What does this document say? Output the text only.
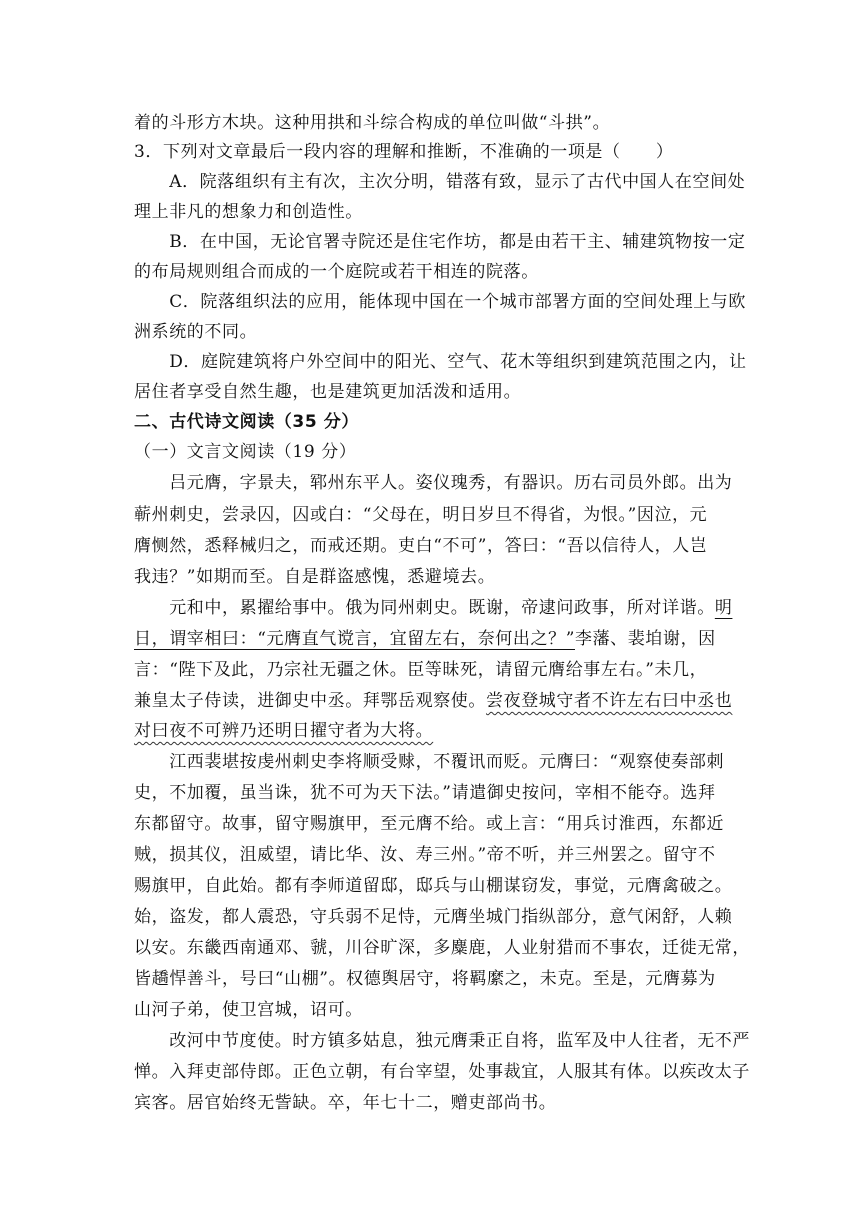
着的斗形方木块。这种用拱和斗综合构成的单位叫做“斗拱”。
3．下列对文章最后一段内容的理解和推断，不准确的一项是（　　）
　　A．院落组织有主有次，主次分明，错落有致，显示了古代中国人在空间处
理上非凡的想象力和创造性。
　　B．在中国，无论官署寺院还是住宅作坊，都是由若干主、辅建筑物按一定
的布局规则组合而成的一个庭院或若干相连的院落。
　　C．院落组织法的应用，能体现中国在一个城市部署方面的空间处理上与欧
洲系统的不同。
　　D．庭院建筑将户外空间中的阳光、空气、花木等组织到建筑范围之内，让
居住者享受自然生趣，也是建筑更加活泼和适用。
二、古代诗文阅读（35 分）
（一）文言文阅读（19 分）
　　吕元膺，字景夫，郓州东平人。姿仪瑰秀，有器识。历右司员外郎。出为
蕲州刺史，尝录囚，囚或白：“父母在，明日岁旦不得省，为恨。”因泣，元
膺恻然，悉释械归之，而戒还期。吏白“不可”，答曰：“吾以信待人，人岂
我违？”如期而至。自是群盗感愧，悉避境去。
　　元和中，累擢给事中。俄为同州刺史。既谢，帝逮问政事，所对详谐。明
日，谓宰相曰：“元膺直气谠言，宜留左右，奈何出之？”李藩、裴垍谢，因
言：“陛下及此，乃宗社无疆之休。臣等昧死，请留元膺给事左右。”未几，
兼皇太子侍读，进御史中丞。拜鄂岳观察使。尝夜登城守者不许左右曰中丞也
对曰夜不可辨乃还明日擢守者为大将。
　　江西裴堪按虔州刺史李将顺受赇，不覆讯而贬。元膺曰：“观察使奏部刺
史，不加覆，虽当诛，犹不可为天下法。”请遣御史按问，宰相不能夺。选拜
东都留守。故事，留守赐旗甲，至元膺不给。或上言：“用兵讨淮西，东都近
贼，损其仪，沮威望，请比华、汝、寿三州。”帝不听，并三州罢之。留守不
赐旗甲，自此始。都有李师道留邸，邸兵与山棚谋窃发，事觉，元膺禽破之。
始，盗发，都人震恐，守兵弱不足恃，元膺坐城门指纵部分，意气闲舒，人赖
以安。东畿西南通邓、虢，川谷旷深，多麋鹿，人业射猎而不事农，迁徙无常，
皆趫悍善斗，号曰“山棚”。权德舆居守，将羁縻之，未克。至是，元膺募为
山河子弟，使卫宫城，诏可。
　　改河中节度使。时方镇多姑息，独元膺秉正自将，监军及中人往者，无不严
惮。入拜吏部侍郎。正色立朝，有台宰望，处事裁宜，人服其有体。以疾改太子
宾客。居官始终无訾缺。卒，年七十二，赠吏部尚书。
